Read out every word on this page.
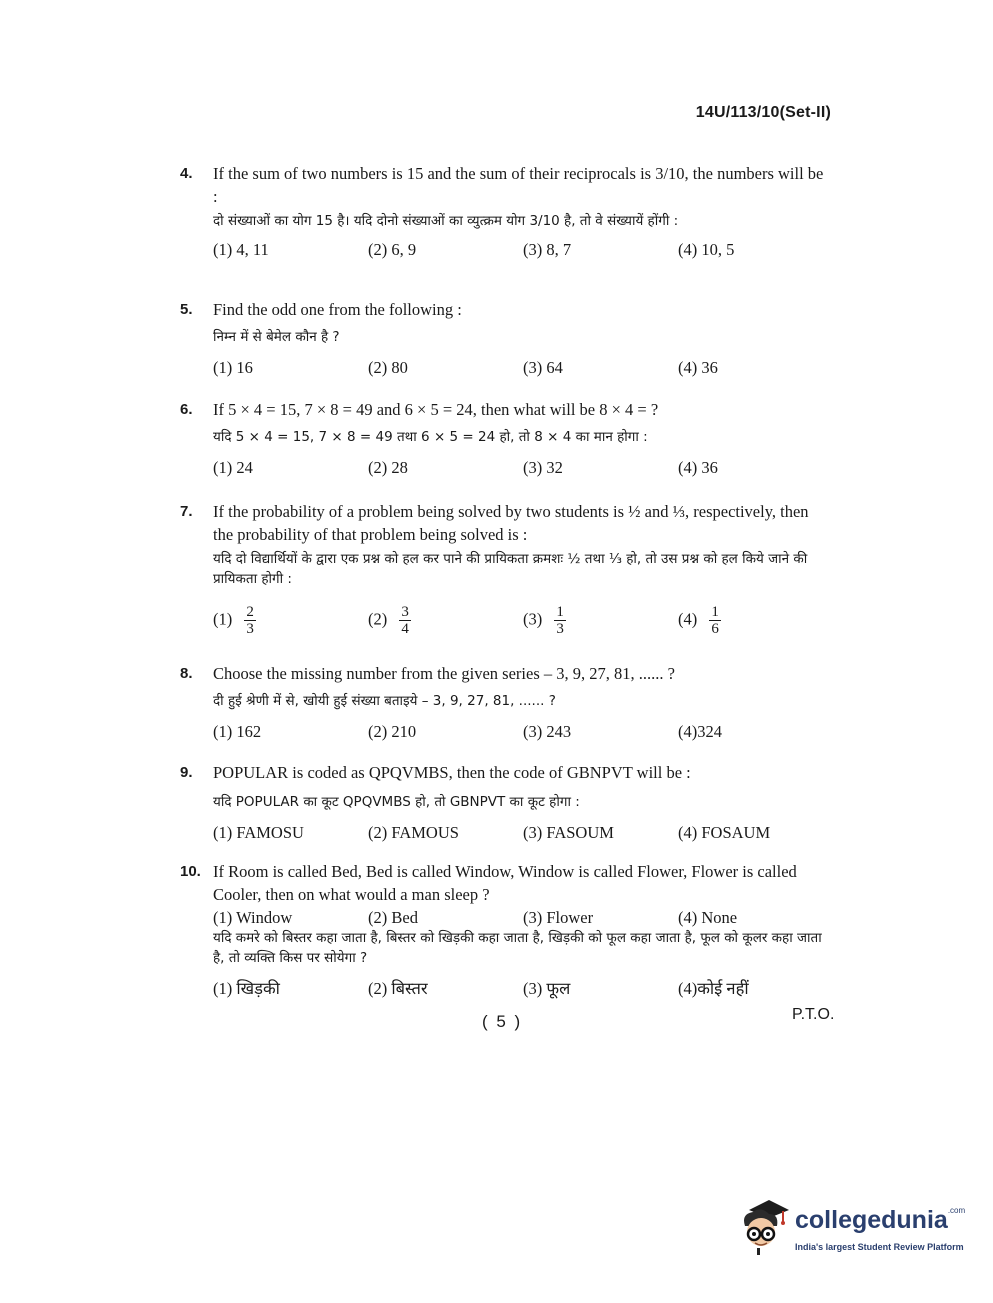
14U/113/10(Set-II)
4.	If the sum of two numbers is 15 and the sum of their reciprocals is 3/10, the numbers will be :
दो संख्याओं का योग 15 है। यदि दोनो संख्याओं का व्युत्क्रम योग 3/10 है, तो वे संख्यायें होंगी :
(1) 4, 11	(2) 6, 9	(3) 8, 7	(4) 10, 5
5.	Find the odd one from the following :
निम्न में से बेमेल कौन है ?
(1) 16	(2) 80	(3) 64	(4) 36
6.	If 5 × 4 = 15, 7 × 8 = 49 and 6 × 5 = 24, then what will be 8 × 4 = ?
यदि 5 × 4 = 15, 7 × 8 = 49 तथा 6 × 5 = 24 हो, तो 8 × 4 का मान होगा :
(1) 24	(2) 28	(3) 32	(4) 36
7.	If the probability of a problem being solved by two students is ½ and ⅓, respectively, then the probability of that problem being solved is :
यदि दो विद्यार्थियों के द्वारा एक प्रश्न को हल कर पाने की प्रायिकता क्रमशः ½ तथा ⅓ हो, तो उस प्रश्न को हल किये जाने की प्रायिकता होगी :
$(1) \frac{2}{3}$	$(2) \frac{3}{4}$	$(3) \frac{1}{3}$	$(4) \frac{1}{6}$
8.	Choose the missing number from the given series – 3, 9, 27, 81, ...... ?
दी हुई श्रेणी में से, खोयी हुई संख्या बताइये – 3, 9, 27, 81, ...... ?
(1) 162	(2) 210	(3) 243	(4)324
9.	POPULAR is coded as QPQVMBS, then the code of GBNPVT will be :
यदि POPULAR का कूट QPQVMBS हो, तो GBNPVT का कूट होगा :
(1) FAMOSU	(2) FAMOUS	(3) FASOUM	(4) FOSAUM
10. If Room is called Bed, Bed is called Window, Window is called Flower, Flower is called Cooler, then on what would a man sleep ?
(1) Window	(2) Bed	(3) Flower	(4) None
यदि कमरे को बिस्तर कहा जाता है, बिस्तर को खिड़की कहा जाता है, खिड़की को फूल कहा जाता है, फूल को कूलर कहा जाता है, तो व्यक्ति किस पर सोयेगा ?
(1) खिड़की	(2) बिस्तर	(3) फूल	(4)कोई नहीं
( 5 )	P.T.O.
collegedunia$^{.com}$
India's largest Student Review Platform
